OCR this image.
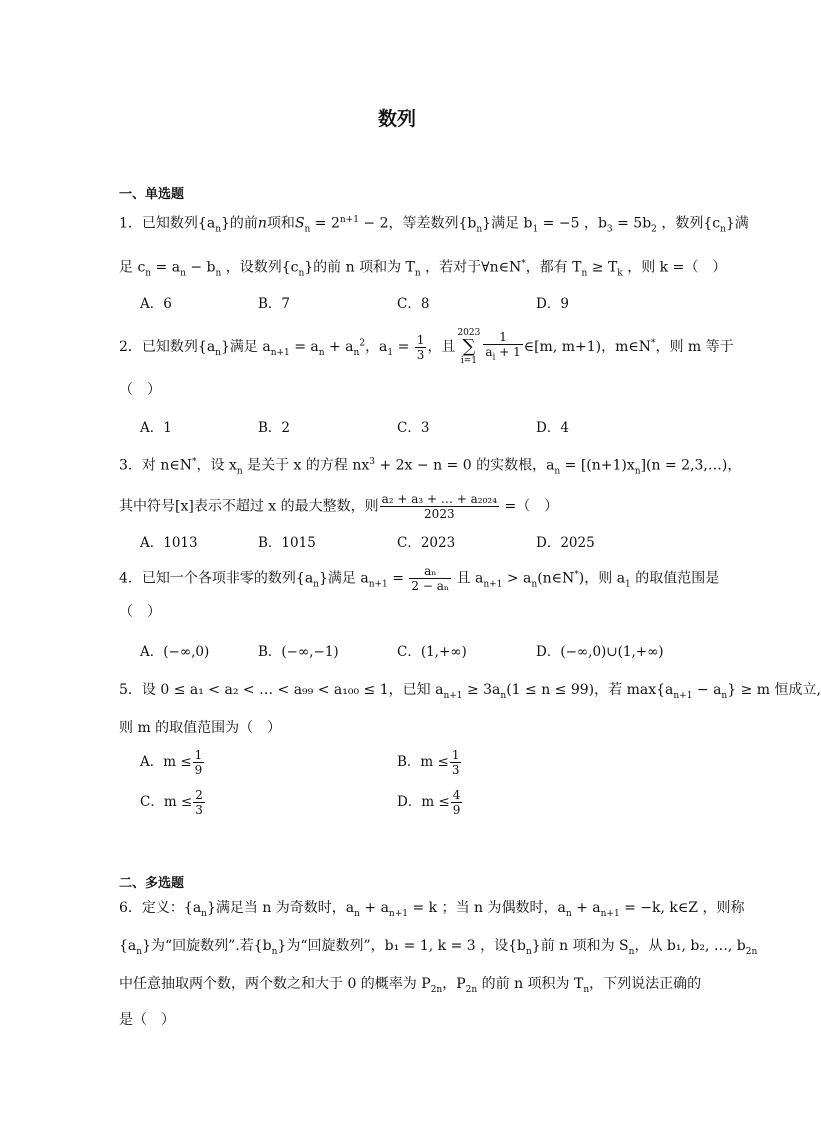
数列
一、单选题
1．已知数列$\{a_n\}$的前n项和$S_n = 2^{n+1} - 2$，等差数列$\{b_n\}$满足 $b_1 = -5$ ，$b_3 = 5b_2$ ，数列$\{c_n\}$满
足 $c_n = a_n - b_n$ ，设数列$\{c_n\}$的前 n 项和为 $T_n$ ，若对于∀n∈N*，都有 $T_n \ge T_k$ ，则 k =（　）
A．6	B．7	C．8	D．9
2．已知数列$\{a_n\}$满足 $a_{n+1} = a_n + a_n^2$，$a_1 = \frac{1}{3}$ ，且2023
∑
$i=1 \frac{1}{a_i + 1}$ ∈[m, m+1)，m∈N*，则 m 等于
（　）
A．1	B．2	C．3	D．4
3．对 n∈N*，设 $x_n$ 是关于 x 的方程 $nx^3 + 2x - n = 0$ 的实数根，$a_n = [(n+1)x_n](n$ = 2,3,…)，
其中符号[x]表示不超过 x 的最大整数，则 $\frac{\text{a₂ + a₃ + … + a₂₀₂₄}}{2023}$ =（　）
A．1013	B．1015	C．2023	D．2025
4．已知一个各项非零的数列$\{a_n\}$满足 $a_{n+1} = \frac{\text{aₙ}}{\text{2 − aₙ}}$ 且 $a_{n+1}$ > $a_n(n\in N^*)$，则 $a_1$ 的取值范围是
（　）
A．(−∞,0)	B．(−∞,−1)	C．(1,+∞)	D．(−∞,0)∪(1,+∞)
5．设 0 ≤ a₁ < a₂ < … < a₉₉ < a₁₀₀ ≤ 1，已知 $a_{n+1} \ge 3a_n(1 \le n \le 99)$，若 $\max\{a_{n+1} - a_n\} \ge m$ 恒成立,
则 m 的取值范围为（　）
A．$m \le \frac{1}{9}$	B．$m \le \frac{1}{3}$
C．$m \le \frac{2}{3}$	D．$m \le \frac{4}{9}$
二、多选题
6．定义：$\{a_n\}$满足当 n 为奇数时，$a_n + a_{n+1} = k$ ；当 n 为偶数时，$a_n + a_{n+1} = -k$, k∈Z ，则称
$\{a_n\}$为“回旋数列”.若$\{b_n\}$为“回旋数列”，b₁ = 1, k = 3 ，设$\{b_n\}$前 n 项和为 $S_n$，从 b₁, b₂, …, $b_{2n}$
中任意抽取两个数，两个数之和大于 0 的概率为 $P_{2n}$，$P_{2n}$ 的前 n 项积为 $T_n$，下列说法正确的
是（　）
